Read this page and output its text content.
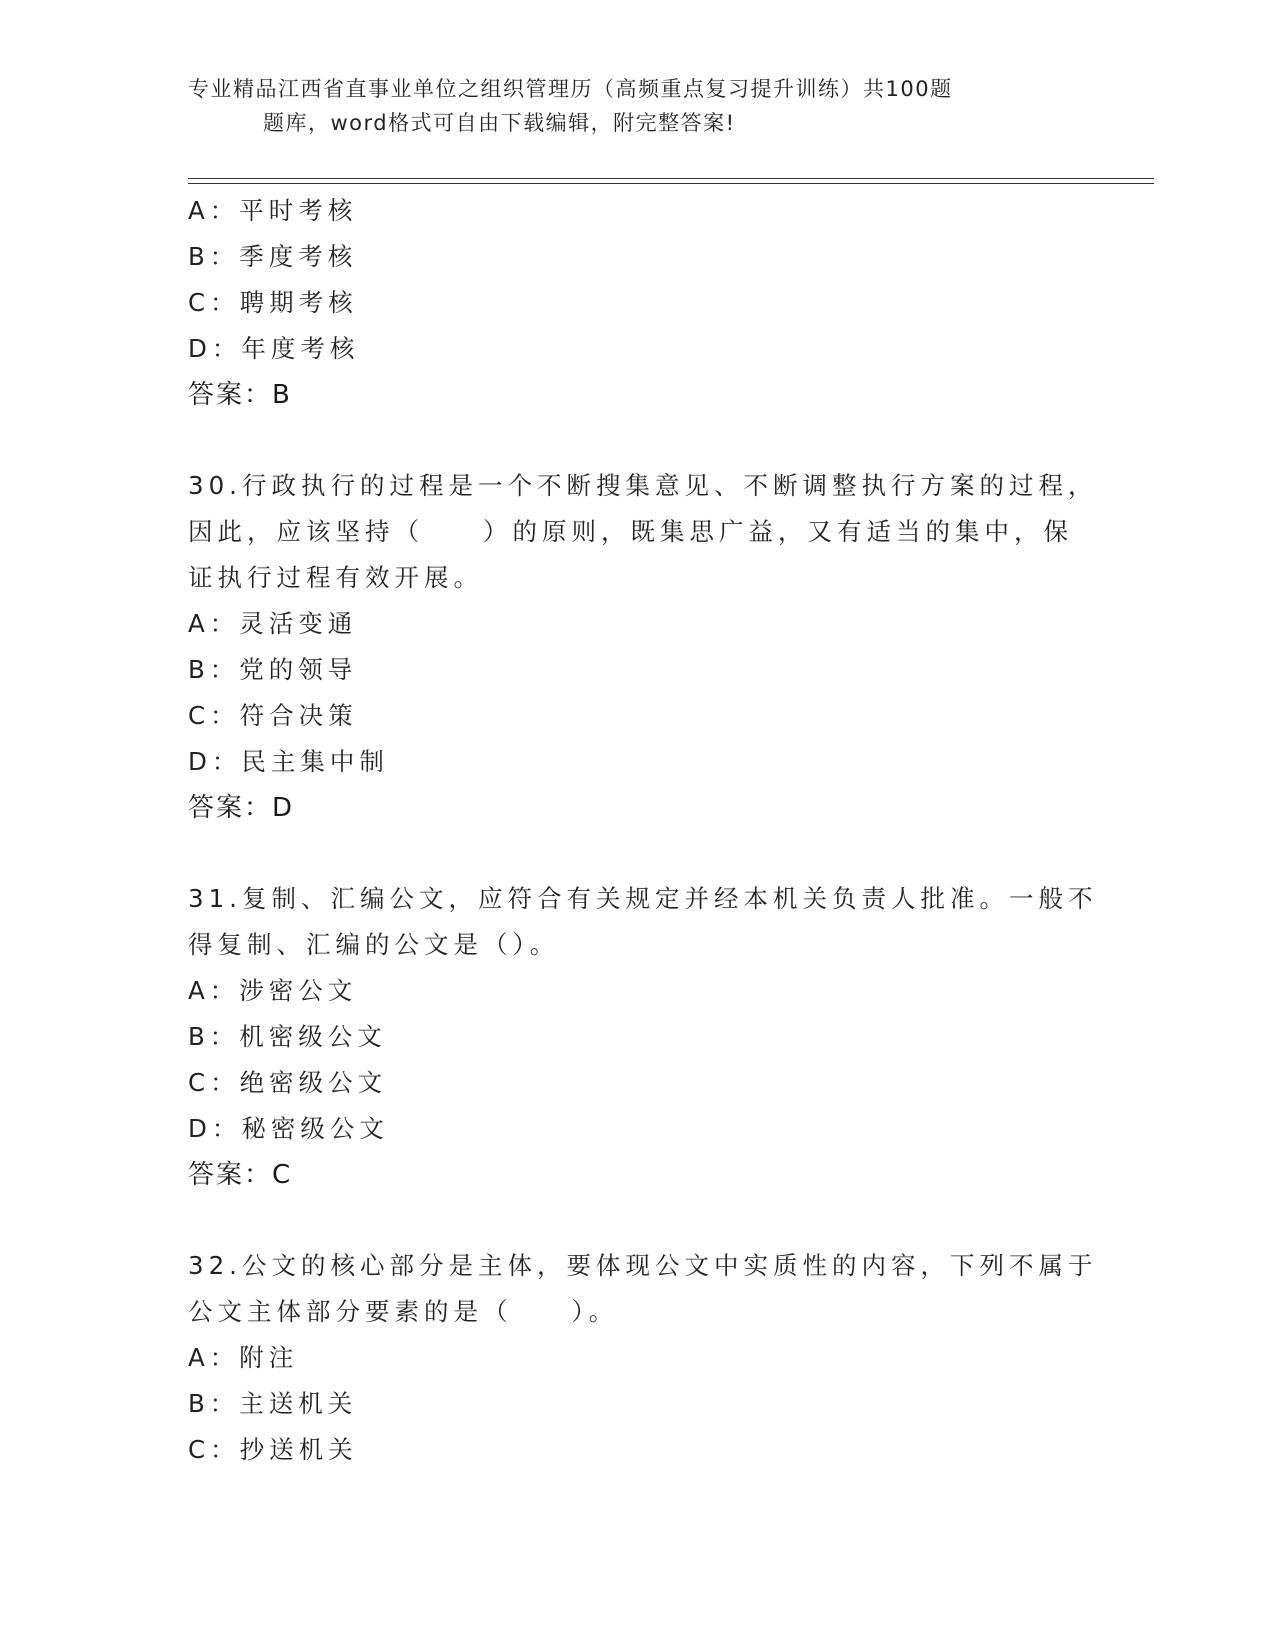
专业精品江西省直事业单位之组织管理历（高频重点复习提升训练）共100题
题库，word格式可自由下载编辑，附完整答案!
A：平时考核
B：季度考核
C：聘期考核
D：年度考核
答案：B
30.行政执行的过程是一个不断搜集意见、不断调整执行方案的过程，
因此，应该坚持（　　）的原则，既集思广益，又有适当的集中，保
证执行过程有效开展。
A：灵活变通
B：党的领导
C：符合决策
D：民主集中制
答案：D
31.复制、汇编公文，应符合有关规定并经本机关负责人批准。一般不
得复制、汇编的公文是（）。
A：涉密公文
B：机密级公文
C：绝密级公文
D：秘密级公文
答案：C
32.公文的核心部分是主体，要体现公文中实质性的内容，下列不属于
公文主体部分要素的是（　　）。
A：附注
B：主送机关
C：抄送机关
